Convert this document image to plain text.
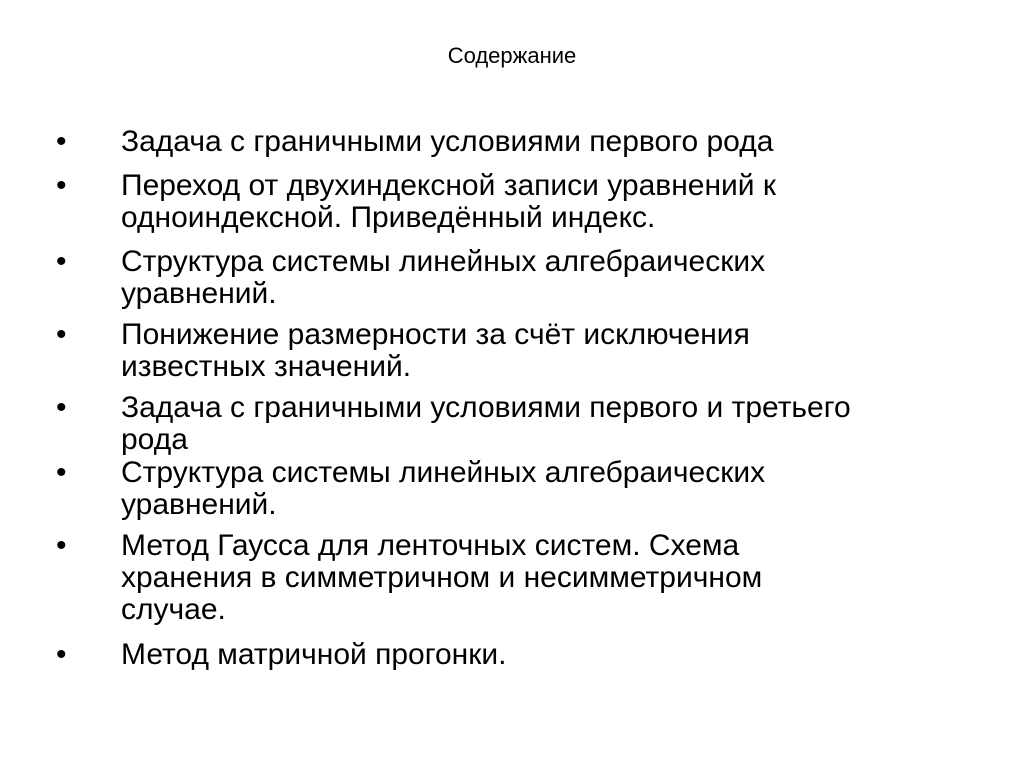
Содержание
• Задача с граничными условиями первого рода
• Переход от двухиндексной записи уравнений к
одноиндексной. Приведённый индекс.
• Структура системы линейных алгебраических
уравнений.
• Понижение размерности за счёт исключения
известных значений.
• Задача с граничными условиями первого и третьего
рода
• Структура системы линейных алгебраических
уравнений.
• Метод Гаусса для ленточных систем. Схема
хранения в симметричном и несимметричном
случае.
• Метод матричной прогонки.
